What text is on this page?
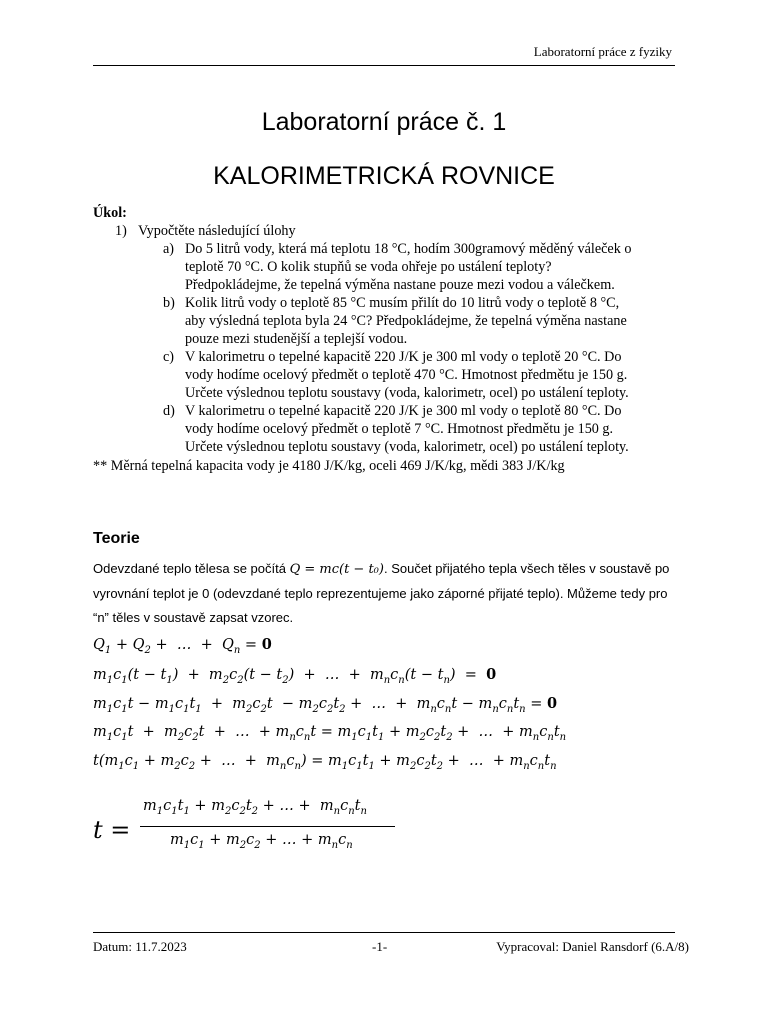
Laboratorní práce z fyziky
Laboratorní práce č. 1
KALORIMETRICKÁ ROVNICE
Úkol:
1) Vypočtěte následující úlohy
a) Do 5 litrů vody, která má teplotu 18 °C, hodím 300gramový měděný váleček o
teplotě 70 °C. O kolik stupňů se voda ohřeje po ustálení teploty?
Předpokládejme, že tepelná výměna nastane pouze mezi vodou a válečkem.
b) Kolik litrů vody o teplotě 85 °C musím přilít do 10 litrů vody o teplotě 8 °C,
aby výsledná teplota byla 24 °C? Předpokládejme, že tepelná výměna nastane
pouze mezi studenější a teplejší vodou.
c) V kalorimetru o tepelné kapacitě 220 J/K je 300 ml vody o teplotě 20 °C. Do
vody hodíme ocelový předmět o teplotě 470 °C. Hmotnost předmětu je 150 g.
Určete výslednou teplotu soustavy (voda, kalorimetr, ocel) po ustálení teploty.
d) V kalorimetru o tepelné kapacitě 220 J/K je 300 ml vody o teplotě 80 °C. Do
vody hodíme ocelový předmět o teplotě 7 °C. Hmotnost předmětu je 150 g.
Určete výslednou teplotu soustavy (voda, kalorimetr, ocel) po ustálení teploty.
** Měrná tepelná kapacita vody je 4180 J/K/kg, oceli 469 J/K/kg, mědi 383 J/K/kg
Teorie
Odevzdané teplo tělesa se počítá Q = mc(t − t₀). Součet přijatého tepla všech těles v soustavě po vyrovnání teplot je 0 (odevzdané teplo reprezentujeme jako záporné přijaté teplo). Můžeme tedy pro “n” těles v soustavě zapsat vzorec.
$Q_1 + Q_2$ +  …  +  $Q_n = 0$
$m_1c_1(t - t_1) + m_2c_2(t - t_2)$  +  …  +  $m_nc_n(t - t_n) = 0$
$m_1c_1t - m_1c_1t_1 + m_2c_2t - m_2c_2t_2$ +  …  +  $m_nc_nt - m_nc_nt_n = 0$
$m_1c_1t + m_2c_2t$  +  …  + $m_nc_nt = m_1c_1t_1 + m_2c_2t_2$ +  …  + $m_nc_nt_n$
$t(m_1c_1 + m_2c_2$ +  …  +  $m_nc_n) = m_1c_1t_1 + m_2c_2t_2$ +  …  + $m_nc_nt_n$
t =
$m_1c_1t_1 + m_2c_2t_2$ + … +  $m_nc_nt_n$
$m_1c_1 + m_2c_2$ + … + $m_nc_n$
Datum: 11.7.2023	-1-	Vypracoval: Daniel Ransdorf (6.A/8)
